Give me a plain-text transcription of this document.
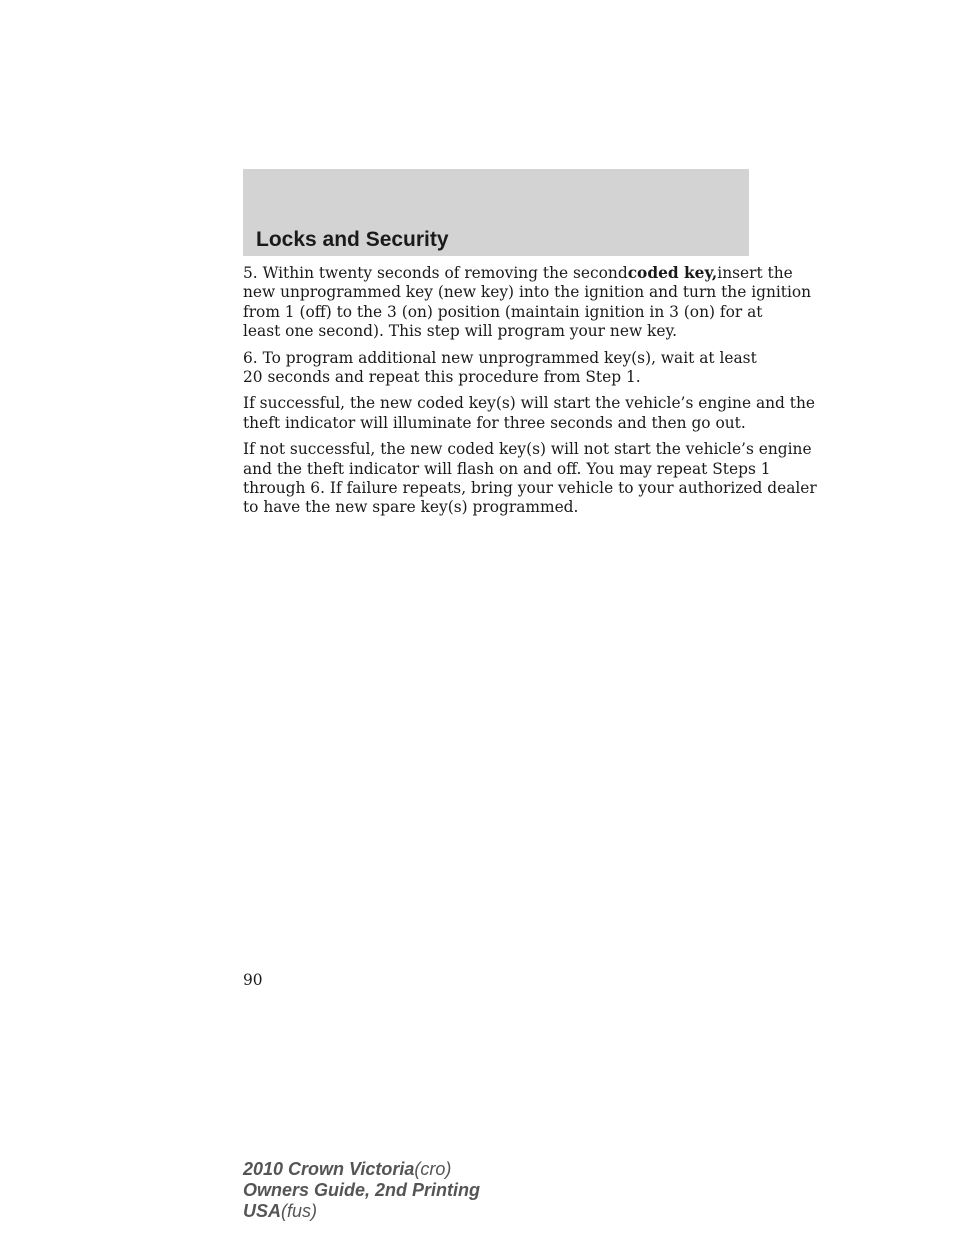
Locks and Security

5. Within twenty seconds of removing the secondcoded key,insert the
new unprogrammed key (new key) into the ignition and turn the ignition
from 1 (off) to the 3 (on) position (maintain ignition in 3 (on) for at
least one second). This step will program your new key.

6. To program additional new unprogrammed key(s), wait at least
20 seconds and repeat this procedure from Step 1.

If successful, the new coded key(s) will start the vehicle’s engine and the
theft indicator will illuminate for three seconds and then go out.

If not successful, the new coded key(s) will not start the vehicle’s engine
and the theft indicator will flash on and off. You may repeat Steps 1
through 6. If failure repeats, bring your vehicle to your authorized dealer
to have the new spare key(s) programmed.

90

2010 Crown Victoria(cro)
Owners Guide, 2nd Printing
USA(fus)
